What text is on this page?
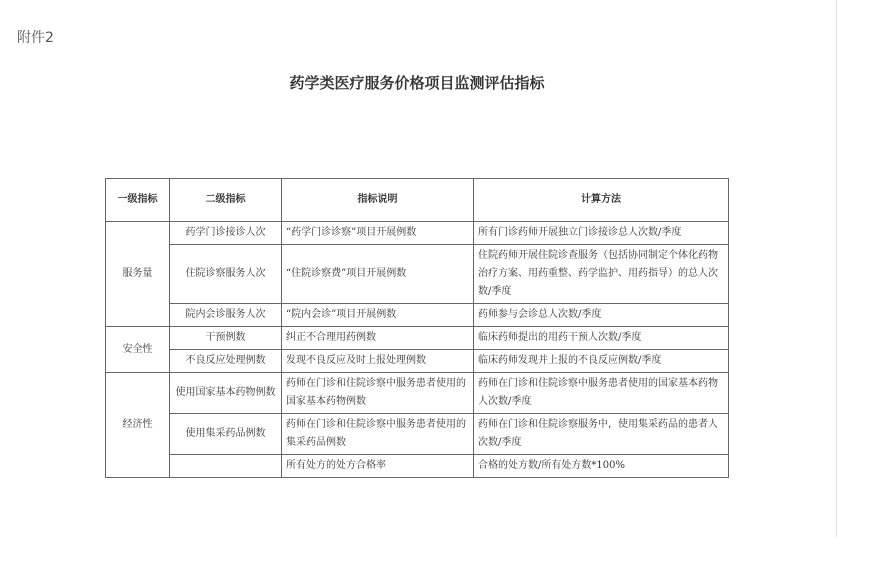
附件2
药学类医疗服务价格项目监测评估指标
一级指标	二级指标	指标说明	计算方法
服务量	药学门诊接诊人次	“药学门诊诊察”项目开展例数	所有门诊药师开展独立门诊接诊总人次数/季度
	住院诊察服务人次	“住院诊察费”项目开展例数	住院药师开展住院诊查服务（包括协同制定个体化药物治疗方案、用药重整、药学监护、用药指导）的总人次数/季度
	院内会诊服务人次	“院内会诊”项目开展例数	药师参与会诊总人次数/季度
安全性	干预例数	纠正不合理用药例数	临床药师提出的用药干预人次数/季度
	不良反应处理例数	发现不良反应及时上报处理例数	临床药师发现并上报的不良反应例数/季度
经济性	使用国家基本药物例数	药师在门诊和住院诊察中服务患者使用的国家基本药物例数	药师在门诊和住院诊察中服务患者使用的国家基本药物人次数/季度
	使用集采药品例数	药师在门诊和住院诊察中服务患者使用的集采药品例数	药师在门诊和住院诊察服务中，使用集采药品的患者人次数/季度
		所有处方的处方合格率	合格的处方数/所有处方数*100%
